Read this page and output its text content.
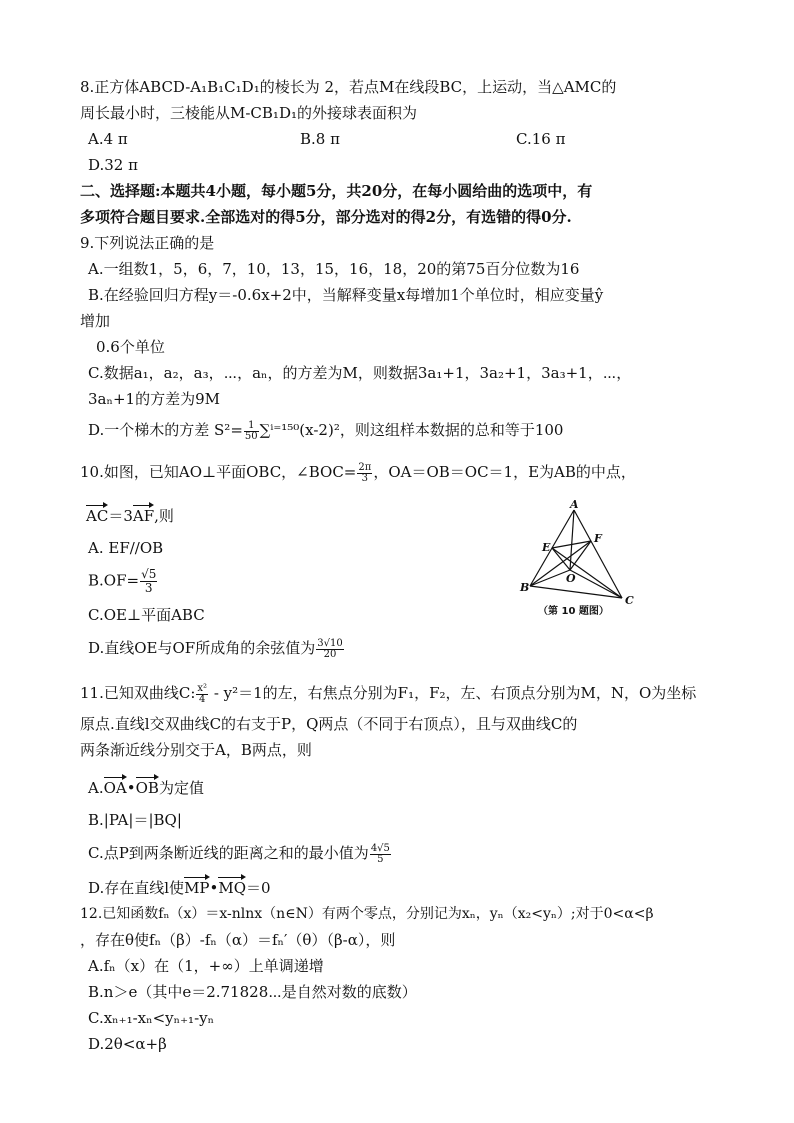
8.正方体ABCD-A₁B₁C₁D₁的棱长为 2，若点M在线段BC，上运动，当△AMC的
周长最小时，三棱能从M-CB₁D₁的外接球表面积为
A.4 π	B.8 π	C.16 π
D.32 π
二、选择题:本题共4小题，每小题5分，共20分，在每小圆给曲的选项中，有
多项符合题目要求.全部选对的得5分，部分选对的得2分，有选错的得0分.
9.下列说法正确的是
A.一组数1，5，6，7，10，13，15，16，18，20的第75百分位数为16
B.在经验回归方程y＝-0.6x+2中，当解释变量x每增加1个单位时，相应变量ŷ
增加
0.6个单位
C.数据a₁，a₂，a₃，⋯，aₙ，的方差为M，则数据3a₁+1，3a₂+1，3a₃+1，⋯，
3aₙ+1的方差为9M
D.一个梯木的方差 $S^2= \frac{1}{50} \sum^{i=150}(x-2)^2$，则这组样本数据的总和等于100
10.如图，已知AO⊥平面OBC，∠BOC= $\frac{2\pi}{3}$ ，OA＝OB＝OC＝1，E为AB的中点，
AC＝3AF,则
A. EF//OB
$B.OF= \frac{√5}{3}$
C.OE⊥平面ABC
D.直线OE与OF所成角的余弦值为 $\frac{3√10}{20}$
A
E
F
O
B
C
（第 10 题图）
11.已知双曲线C: $\frac{\text{x²}}{4} - y^2=1$的左，右焦点分别为F₁，F₂，左、右顶点分别为M，N，O为坐标
原点.直线l交双曲线C的右支于P，Q两点（不同于右顶点），且与双曲线C的
两条渐近线分别交于A，B两点，则
A.OA•OB为定值
B.|PA|＝|BQ|
C.点P到两条断近线的距离之和的最小值为 $\frac{4√5}{5}$
D.存在直线l使MP•MQ＝0
12.已知函数fₙ（x）＝x-nlnx（n∈N）有两个零点，分别记为xₙ，yₙ（x₂<yₙ）;对于0<α<β
，存在θ使fₙ（β）-fₙ（α）＝fₙ′（θ）（β-α），则
A.fₙ（x）在（1，+∞）上单调递增
B.n＞e（其中e＝2.71828⋯是自然对数的底数）
C.xₙ₊₁-xₙ<yₙ₊₁-yₙ
D.2θ<α+β
